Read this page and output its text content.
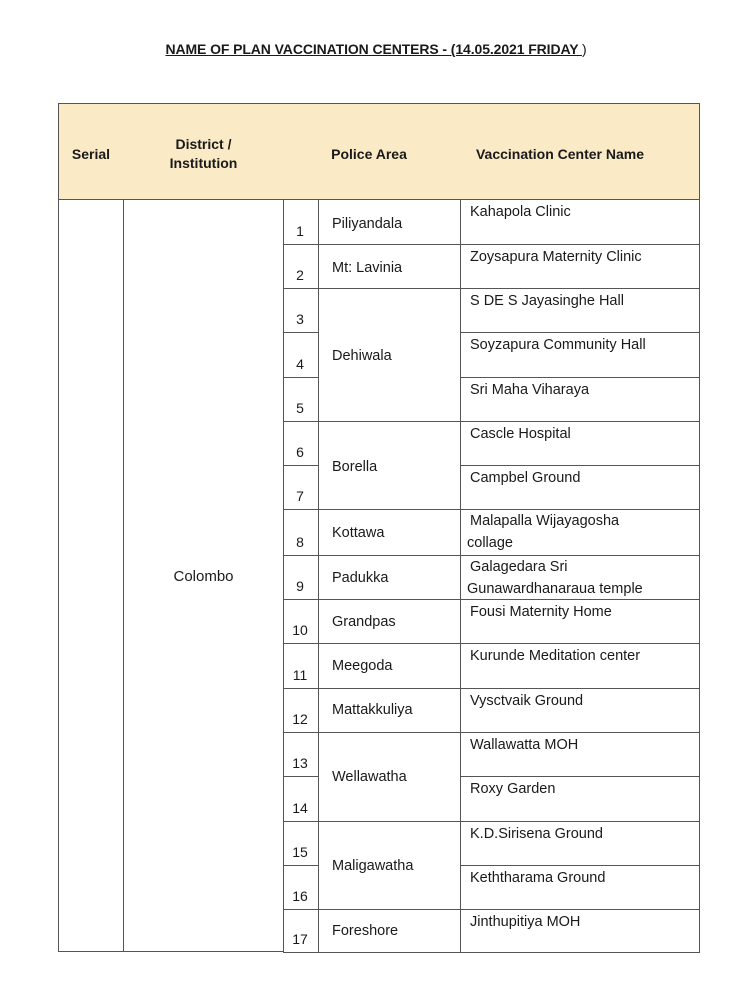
NAME OF PLAN VACCINATION CENTERS - (14.05.2021 FRIDAY )
Serial
District /
Institution
Police Area	Vaccination Center Name
Colombo
1
Kahapola Clinic
2
Zoysapura Maternity Clinic
3
S DE S Jayasinghe Hall
4
Soyzapura Community Hall
5
Sri Maha Viharaya
6
Cascle Hospital
7
Campbel Ground
8
Malapalla Wijayagosha
collage
9
Galagedara Sri
Gunawardhanaraua temple
10
Fousi Maternity Home
11
Kurunde Meditation center
12
Vysctvaik Ground
13
Wallawatta MOH
14
Roxy Garden
15
K.D.Sirisena Ground
16
Keththarama Ground
17
Jinthupitiya MOH
Piliyandala
Mt: Lavinia
Dehiwala
Borella
Kottawa
Padukka
Grandpas
Meegoda
Mattakkuliya
Wellawatha
Maligawatha
Foreshore
